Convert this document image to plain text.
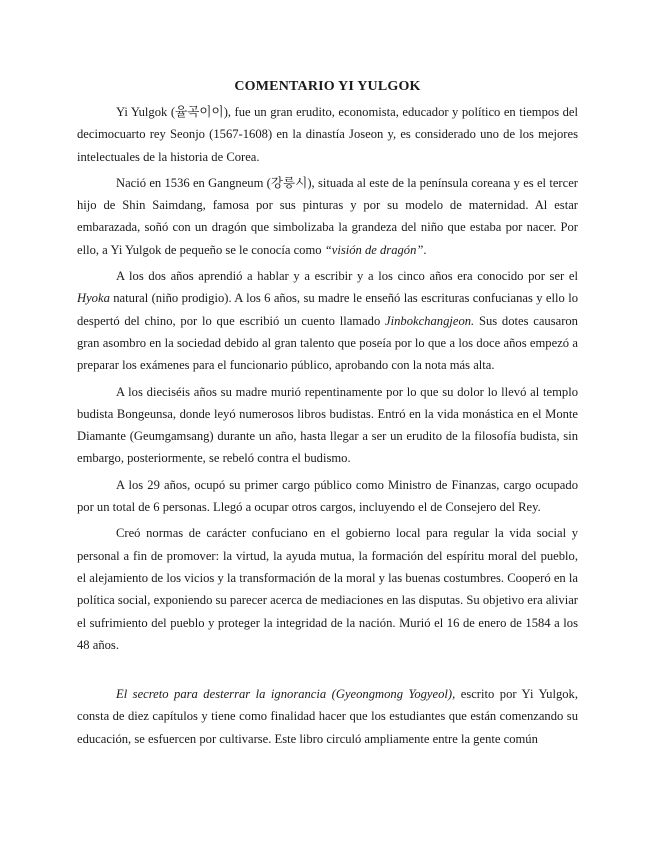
COMENTARIO YI YULGOK

Yi Yulgok (율곡이이), fue un gran erudito, economista, educador y político en tiempos del decimocuarto rey Seonjo (1567-1608) en la dinastía Joseon y, es considerado uno de los mejores intelectuales de la historia de Corea.

Nació en 1536 en Gangneum (강릉시), situada al este de la península coreana y es el tercer hijo de Shin Saimdang, famosa por sus pinturas y por su modelo de maternidad. Al estar embarazada, soñó con un dragón que simbolizaba la grandeza del niño que estaba por nacer. Por ello, a Yi Yulgok de pequeño se le conocía como “visión de dragón”.

A los dos años aprendió a hablar y a escribir y a los cinco años era conocido por ser el Hyoka natural (niño prodigio). A los 6 años, su madre le enseñó las escrituras confucianas y ello lo despertó del chino, por lo que escribió un cuento llamado Jinbokchangjeon. Sus dotes causaron gran asombro en la sociedad debido al gran talento que poseía por lo que a los doce años empezó a preparar los exámenes para el funcionario público, aprobando con la nota más alta.

A los dieciséis años su madre murió repentinamente por lo que su dolor lo llevó al templo budista Bongeunsa, donde leyó numerosos libros budistas. Entró en la vida monástica en el Monte Diamante (Geumgamsang) durante un año, hasta llegar a ser un erudito de la filosofía budista, sin embargo, posteriormente, se rebeló contra el budismo.

A los 29 años, ocupó su primer cargo público como Ministro de Finanzas, cargo ocupado por un total de 6 personas. Llegó a ocupar otros cargos, incluyendo el de Consejero del Rey.

Creó normas de carácter confuciano en el gobierno local para regular la vida social y personal a fin de promover: la virtud, la ayuda mutua, la formación del espíritu moral del pueblo, el alejamiento de los vicios y la transformación de la moral y las buenas costumbres. Cooperó en la política social, exponiendo su parecer acerca de mediaciones en las disputas. Su objetivo era aliviar el sufrimiento del pueblo y proteger la integridad de la nación. Murió el 16 de enero de 1584 a los 48 años.

El secreto para desterrar la ignorancia (Gyeongmong Yogyeol), escrito por Yi Yulgok, consta de diez capítulos y tiene como finalidad hacer que los estudiantes que están comenzando su educación, se esfuercen por cultivarse. Este libro circuló ampliamente entre la gente común
